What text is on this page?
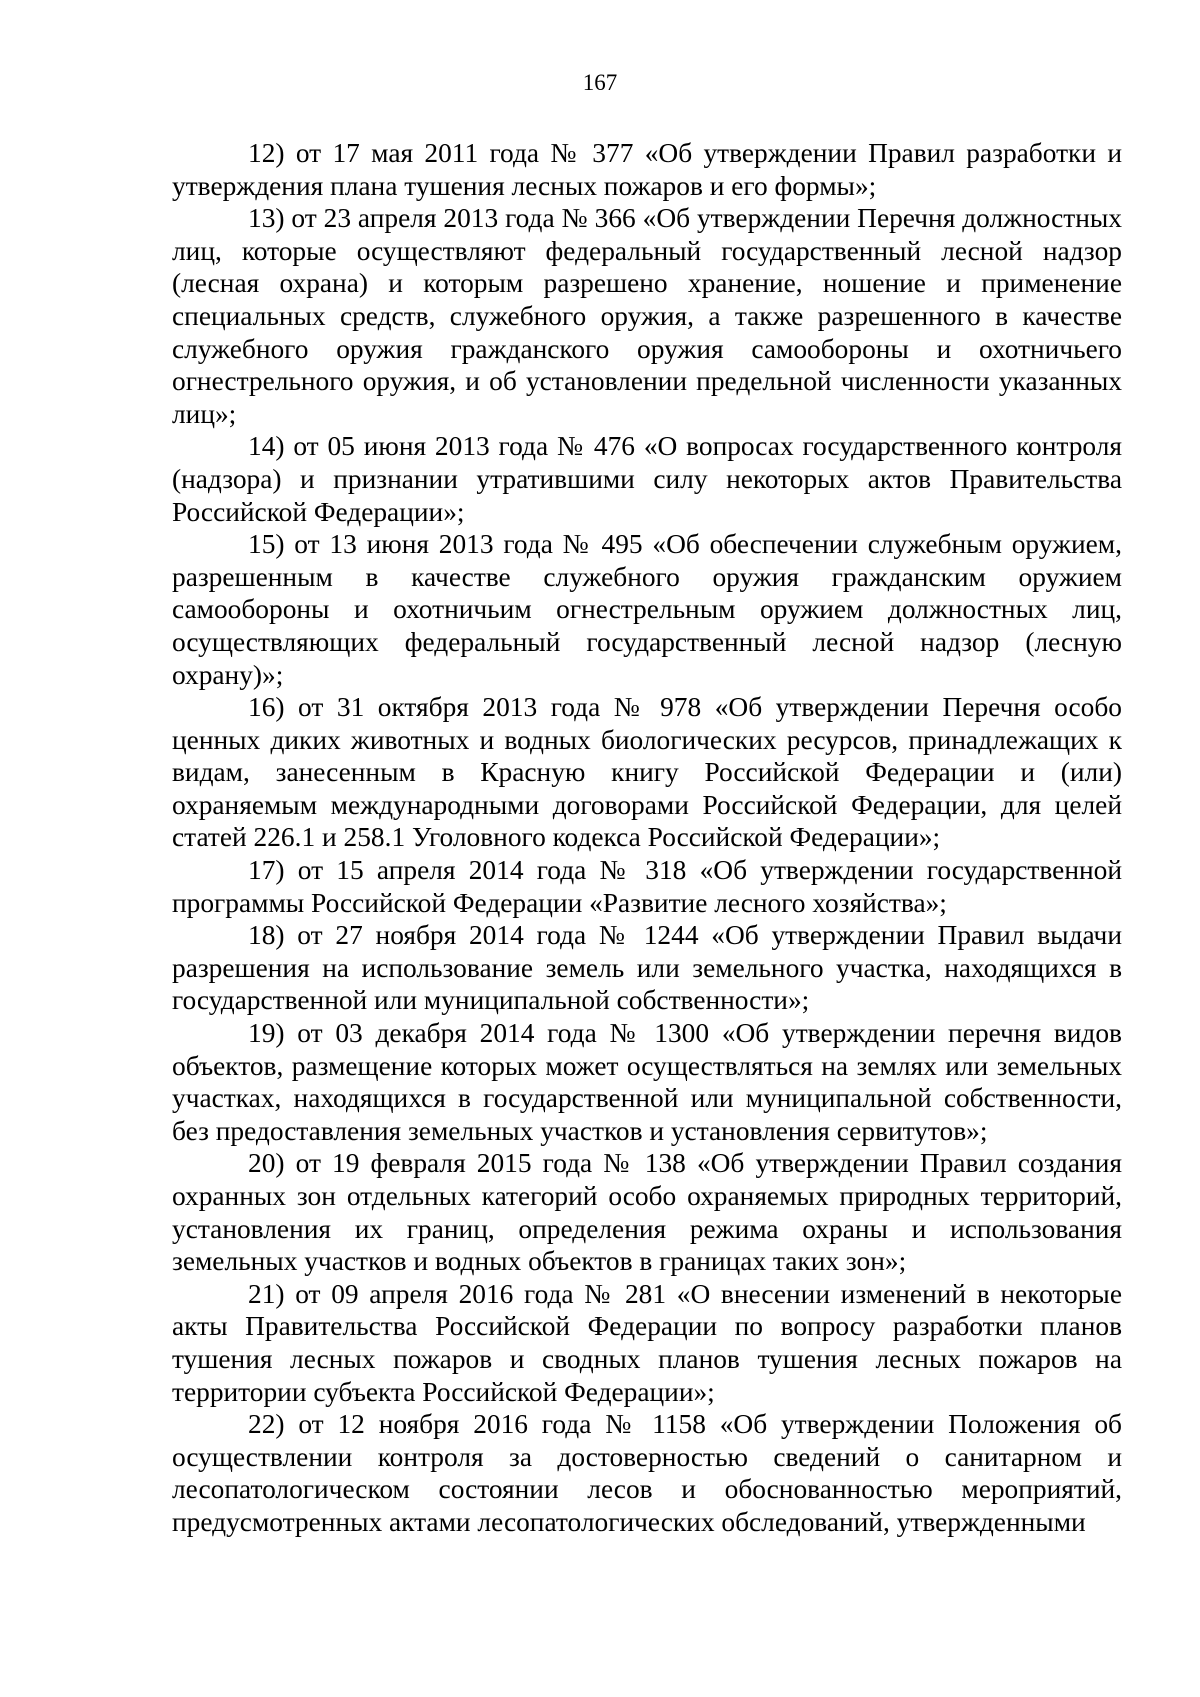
167

12) от 17 мая 2011 года № 377 «Об утверждении Правил разработки и утверждения плана тушения лесных пожаров и его формы»;

13) от 23 апреля 2013 года № 366 «Об утверждении Перечня должностных лиц, которые осуществляют федеральный государственный лесной надзор (лесная охрана) и которым разрешено хранение, ношение и применение специальных средств, служебного оружия, а также разрешенного в качестве служебного оружия гражданского оружия самообороны и охотничьего огнестрельного оружия, и об установлении предельной численности указанных лиц»;

14) от 05 июня 2013 года № 476 «О вопросах государственного контроля (надзора) и признании утратившими силу некоторых актов Правительства Российской Федерации»;

15) от 13 июня 2013 года № 495 «Об обеспечении служебным оружием, разрешенным в качестве служебного оружия гражданским оружием самообороны и охотничьим огнестрельным оружием должностных лиц, осуществляющих федеральный государственный лесной надзор (лесную охрану)»;

16) от 31 октября 2013 года № 978 «Об утверждении Перечня особо ценных диких животных и водных биологических ресурсов, принадлежащих к видам, занесенным в Красную книгу Российской Федерации и (или) охраняемым международными договорами Российской Федерации, для целей статей 226.1 и 258.1 Уголовного кодекса Российской Федерации»;

17) от 15 апреля 2014 года № 318 «Об утверждении государственной программы Российской Федерации «Развитие лесного хозяйства»;

18) от 27 ноября 2014 года № 1244 «Об утверждении Правил выдачи разрешения на использование земель или земельного участка, находящихся в государственной или муниципальной собственности»;

19) от 03 декабря 2014 года № 1300 «Об утверждении перечня видов объектов, размещение которых может осуществляться на землях или земельных участках, находящихся в государственной или муниципальной собственности, без предоставления земельных участков и установления сервитутов»;

20) от 19 февраля 2015 года № 138 «Об утверждении Правил создания охранных зон отдельных категорий особо охраняемых природных территорий, установления их границ, определения режима охраны и использования земельных участков и водных объектов в границах таких зон»;

21) от 09 апреля 2016 года № 281 «О внесении изменений в некоторые акты Правительства Российской Федерации по вопросу разработки планов тушения лесных пожаров и сводных планов тушения лесных пожаров на территории субъекта Российской Федерации»;

22) от 12 ноября 2016 года № 1158 «Об утверждении Положения об осуществлении контроля за достоверностью сведений о санитарном и лесопатологическом состоянии лесов и обоснованностью мероприятий, предусмотренных актами лесопатологических обследований, утвержденными
